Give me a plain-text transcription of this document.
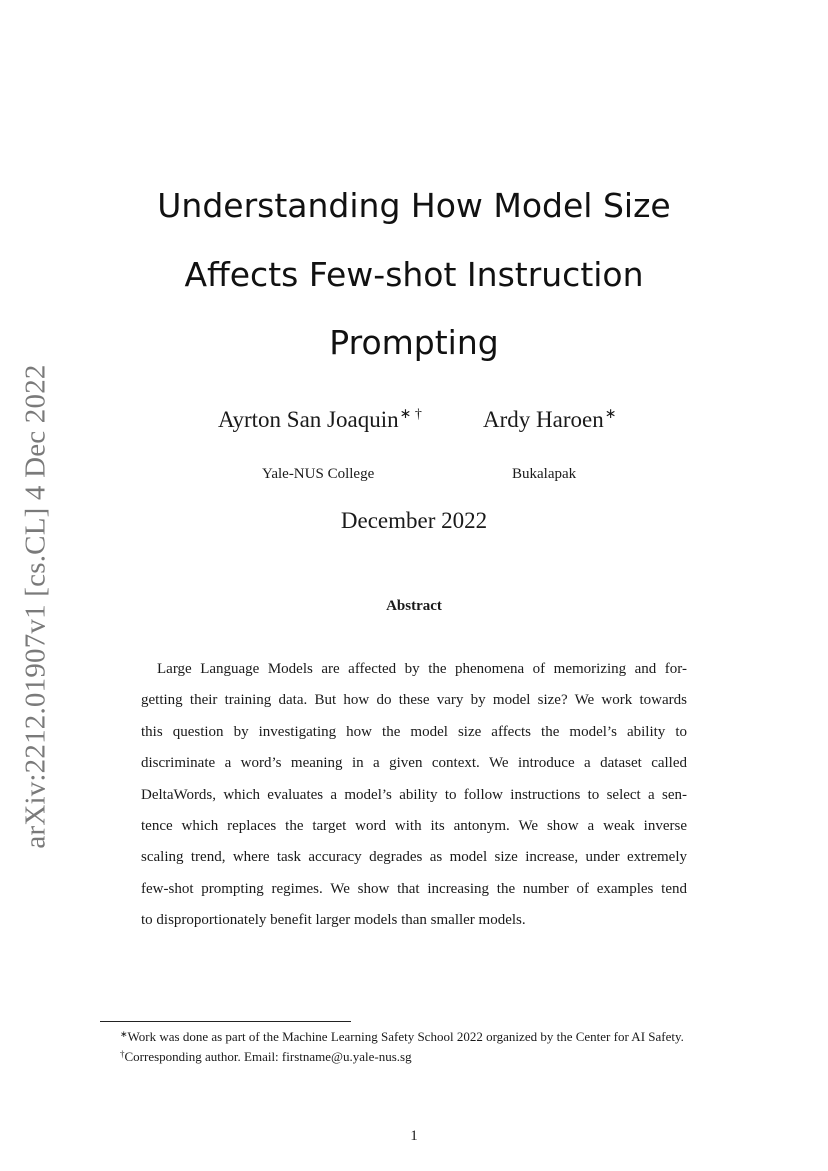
arXiv:2212.01907v1 [cs.CL] 4 Dec 2022
Understanding How Model Size
Affects Few-shot Instruction
Prompting
Ayrton San Joaquin∗ †	Ardy Haroen∗
Yale-NUS College	Bukalapak
December 2022
Abstract
Large Language Models are affected by the phenomena of memorizing and for-
getting their training data. But how do these vary by model size? We work towards
this question by investigating how the model size affects the model’s ability to
discriminate a word’s meaning in a given context. We introduce a dataset called
DeltaWords, which evaluates a model’s ability to follow instructions to select a sen-
tence which replaces the target word with its antonym. We show a weak inverse
scaling trend, where task accuracy degrades as model size increase, under extremely
few-shot prompting regimes. We show that increasing the number of examples tend
to disproportionately benefit larger models than smaller models.

∗Work was done as part of the Machine Learning Safety School 2022 organized by the Center for AI Safety.

†Corresponding author. Email: firstname@u.yale-nus.sg

1
